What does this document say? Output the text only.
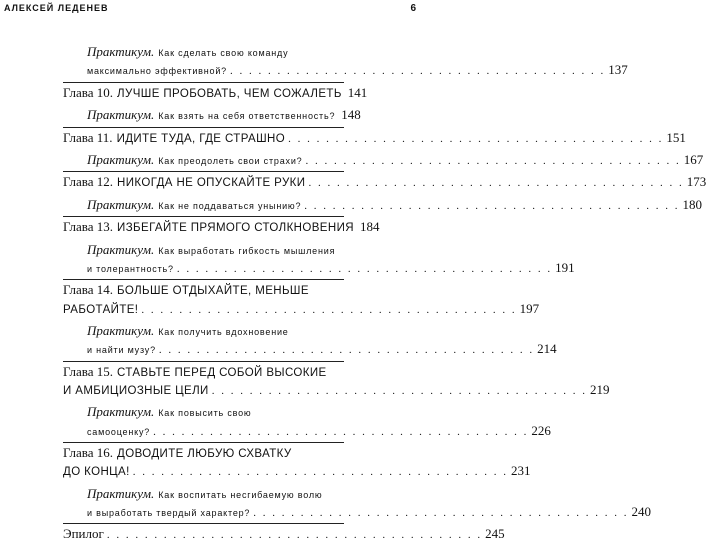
АЛЕКСЕЙ ЛЕДЕНЕВ	6
Практикум. Как сделать свою команду
максимально эффективной? . . . . . . . . . . . . . . . . . . . . . . . . . . . . . . . . . . . . . . . . 137
Глава 10. ЛУЧШЕ ПРОБОВАТЬ, ЧЕМ СОЖАЛЕТЬ 141
Практикум. Как взять на себя ответственность? 148
Глава 11. ИДИТЕ ТУДА, ГДЕ СТРАШНО . . . . . . . . . . . . . . . . . . . . . . . . . . . . . . . . . . . . . . . . 151
Практикум. Как преодолеть свои страхи? . . . . . . . . . . . . . . . . . . . . . . . . . . . . . . . . . . . . . . . . 167
Глава 12. НИКОГДА НЕ ОПУСКАЙТЕ РУКИ . . . . . . . . . . . . . . . . . . . . . . . . . . . . . . . . . . . . . . . . 173
Практикум. Как не поддаваться унынию? . . . . . . . . . . . . . . . . . . . . . . . . . . . . . . . . . . . . . . . . 180
Глава 13. ИЗБЕГАЙТЕ ПРЯМОГО СТОЛКНОВЕНИЯ 184
Практикум. Как выработать гибкость мышления
и толерантность? . . . . . . . . . . . . . . . . . . . . . . . . . . . . . . . . . . . . . . . . 191
Глава 14. БОЛЬШЕ ОТДЫХАЙТЕ, МЕНЬШЕ
РАБОТАЙТЕ! . . . . . . . . . . . . . . . . . . . . . . . . . . . . . . . . . . . . . . . . 197
Практикум. Как получить вдохновение
и найти музу? . . . . . . . . . . . . . . . . . . . . . . . . . . . . . . . . . . . . . . . . 214
Глава 15. СТАВЬТЕ ПЕРЕД СОБОЙ ВЫСОКИЕ
И АМБИЦИОЗНЫЕ ЦЕЛИ . . . . . . . . . . . . . . . . . . . . . . . . . . . . . . . . . . . . . . . . 219
Практикум. Как повысить свою
самооценку? . . . . . . . . . . . . . . . . . . . . . . . . . . . . . . . . . . . . . . . . 226
Глава 16. ДОВОДИТЕ ЛЮБУЮ СХВАТКУ
ДО КОНЦА! . . . . . . . . . . . . . . . . . . . . . . . . . . . . . . . . . . . . . . . . 231
Практикум. Как воспитать несгибаемую волю
и выработать твердый характер? . . . . . . . . . . . . . . . . . . . . . . . . . . . . . . . . . . . . . . . . 240
Эпилог . . . . . . . . . . . . . . . . . . . . . . . . . . . . . . . . . . . . . . . . 245
